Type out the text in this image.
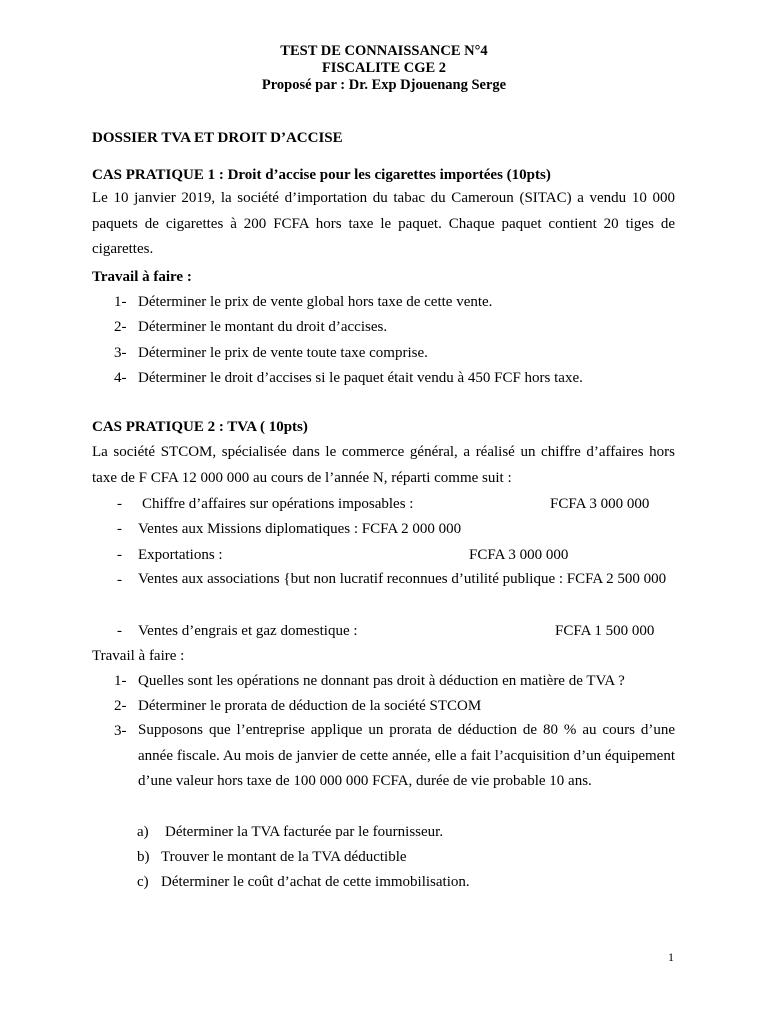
TEST DE CONNAISSANCE N°4
FISCALITE CGE 2
Proposé par : Dr. Exp Djouenang Serge
DOSSIER TVA ET DROIT D’ACCISE
CAS PRATIQUE 1 : Droit d’accise pour les cigarettes importées (10pts)
Le 10 janvier 2019, la société d’importation du tabac du Cameroun (SITAC) a vendu 10 000 paquets de cigarettes à 200 FCFA hors taxe le paquet. Chaque paquet contient 20 tiges de cigarettes.
Travail à faire :
1- Déterminer le prix de vente global hors taxe de cette vente.
2- Déterminer le montant du droit d’accises.
3- Déterminer le prix de vente toute taxe comprise.
4- Déterminer le droit d’accises si le paquet était vendu à 450 FCF hors taxe.
CAS PRATIQUE 2 : TVA ( 10pts)
La société STCOM, spécialisée dans le commerce général, a réalisé un chiffre d’affaires hors taxe de F CFA 12 000 000 au cours de l’année N, réparti comme suit :
- Chiffre d’affaires sur opérations imposables :	FCFA 3 000 000
- Ventes aux Missions diplomatiques : FCFA 2 000 000
- Exportations :	FCFA 3 000 000
- Ventes aux associations {but non lucratif reconnues d’utilité publique : FCFA 2 500 000
- Ventes d’engrais et gaz domestique :	FCFA 1 500 000
Travail à faire :
1- Quelles sont les opérations ne donnant pas droit à déduction en matière de TVA ?
2- Déterminer le prorata de déduction de la société STCOM
3- Supposons que l’entreprise applique un prorata de déduction de 80 % au cours d’une année fiscale. Au mois de janvier de cette année, elle a fait l’acquisition d’un équipement d’une valeur hors taxe de 100 000 000 FCFA, durée de vie probable 10 ans.
a) Déterminer la TVA facturée par le fournisseur.
b) Trouver le montant de la TVA déductible
c) Déterminer le coût d’achat de cette immobilisation.
1
